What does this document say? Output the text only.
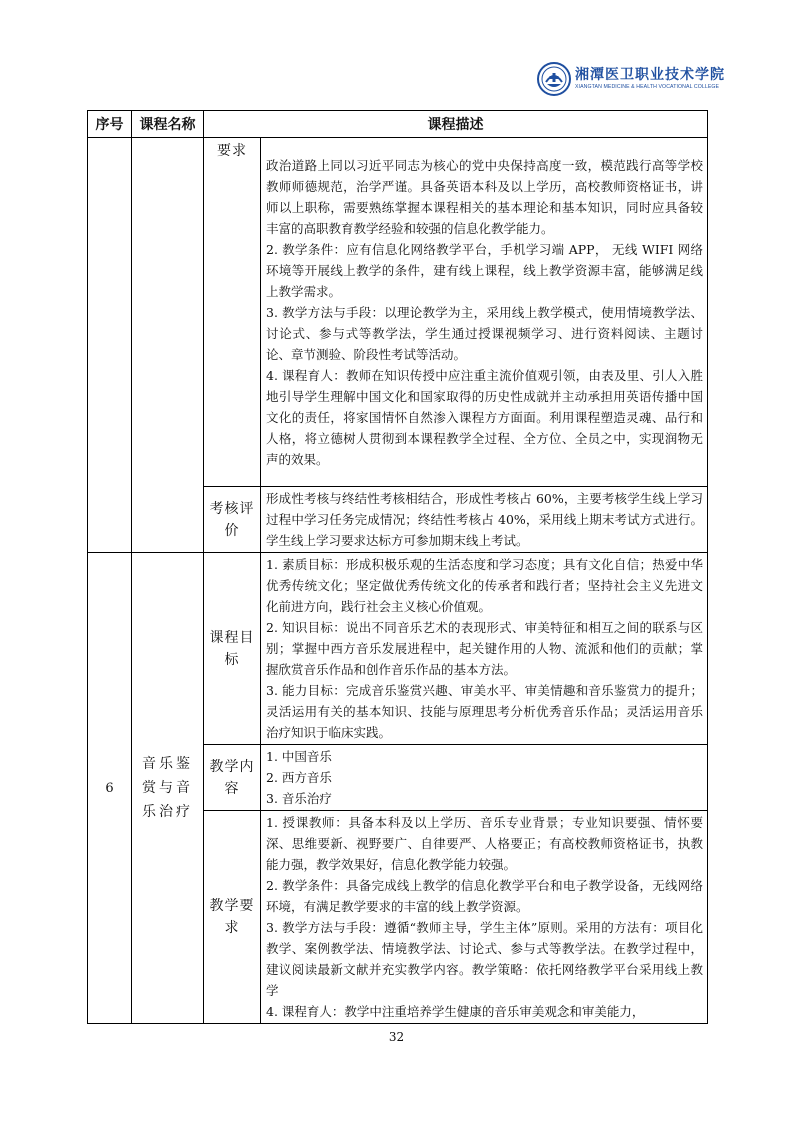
湘潭医卫职业技术学院
XIANGTAN MEDICINE & HEALTH VOCATIONAL COLLEGE
序号	课程名称	课程描述	
		要求	政治道路上同以习近平同志为核心的党中央保持高度一致，模范践行高等学校教师师德规范，治学严谨。具备英语本科及以上学历，高校教师资格证书，讲师以上职称，需要熟练掌握本课程相关的基本理论和基本知识，同时应具备较丰富的高职教育教学经验和较强的信息化教学能力。

2. 教学条件：应有信息化网络教学平台，手机学习端 APP， 无线 WIFI 网络环境等开展线上教学的条件，建有线上课程，线上教学资源丰富，能够满足线上教学需求。

3. 教学方法与手段：以理论教学为主，采用线上教学模式，使用情境教学法、讨论式、参与式等教学法，学生通过授课视频学习、进行资料阅读、主题讨论、章节测验、阶段性考试等活动。

4. 课程育人：教师在知识传授中应注重主流价值观引领，由表及里、引人入胜地引导学生理解中国文化和国家取得的历史性成就并主动承担用英语传播中国文化的责任，将家国情怀自然渗入课程方方面面。利用课程塑造灵魂、品行和人格，将立德树人贯彻到本课程教学全过程、全方位、全员之中，实现润物无声的效果。

		考核评价	形成性考核与终结性考核相结合，形成性考核占 60%，主要考核学生线上学习过程中学习任务完成情况；终结性考核占 40%，采用线上期末考试方式进行。学生线上学习要求达标方可参加期末线上考试。

6	音乐鉴赏与音乐治疗	课程目标	1. 素质目标：形成积极乐观的生活态度和学习态度；具有文化自信；热爱中华优秀传统文化；坚定做优秀传统文化的传承者和践行者；坚持社会主义先进文化前进方向，践行社会主义核心价值观。

2. 知识目标：说出不同音乐艺术的表现形式、审美特征和相互之间的联系与区别；掌握中西方音乐发展进程中，起关键作用的人物、流派和他们的贡献；掌握欣赏音乐作品和创作音乐作品的基本方法。

3. 能力目标：完成音乐鉴赏兴趣、审美水平、审美情趣和音乐鉴赏力的提升；灵活运用有关的基本知识、技能与原理思考分析优秀音乐作品；灵活运用音乐治疗知识于临床实践。

		教学内容	1. 中国音乐

2. 西方音乐

3. 音乐治疗

		教学要求	1. 授课教师：具备本科及以上学历、音乐专业背景；专业知识要强、情怀要深、思维要新、视野要广、自律要严、人格要正；有高校教师资格证书，执教能力强，教学效果好，信息化教学能力较强。

2. 教学条件：具备完成线上教学的信息化教学平台和电子教学设备，无线网络环境，有满足教学要求的丰富的线上教学资源。

3. 教学方法与手段：遵循“教师主导，学生主体”原则。采用的方法有：项目化教学、案例教学法、情境教学法、讨论式、参与式等教学法。在教学过程中，建议阅读最新文献并充实教学内容。教学策略：依托网络教学平台采用线上教学

4. 课程育人：教学中注重培养学生健康的音乐审美观念和审美能力，

32
